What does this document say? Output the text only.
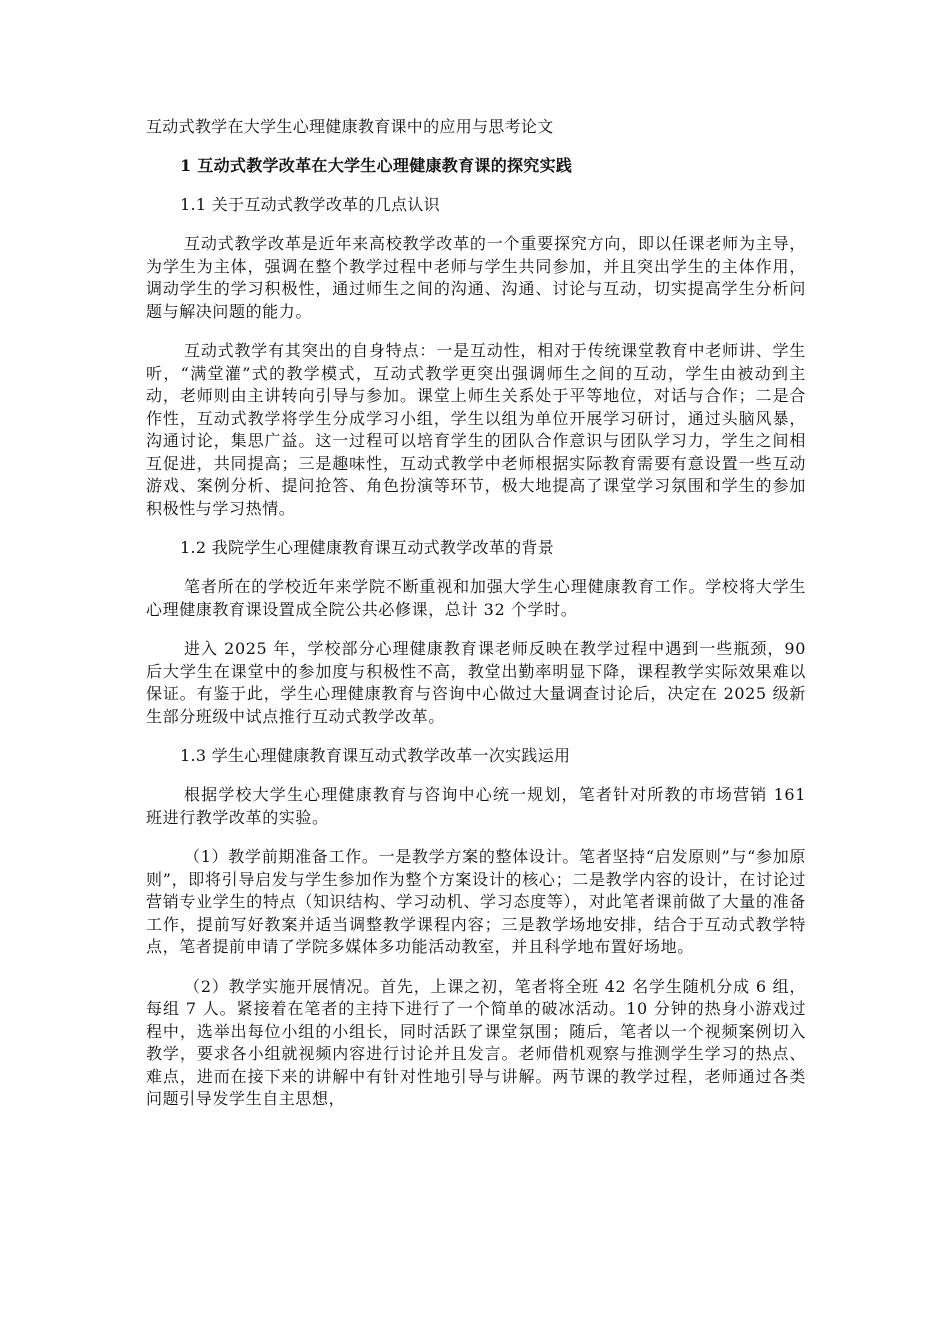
互动式教学在大学生心理健康教育课中的应用与思考论文

1 互动式教学改革在大学生心理健康教育课的探究实践

1.1 关于互动式教学改革的几点认识

互动式教学改革是近年来高校教学改革的一个重要探究方向，即以任课老师为主导，为学生为主体，强调在整个教学过程中老师与学生共同参加，并且突出学生的主体作用，调动学生的学习积极性，通过师生之间的沟通、沟通、讨论与互动，切实提高学生分析问题与解决问题的能力。

互动式教学有其突出的自身特点：一是互动性，相对于传统课堂教育中老师讲、学生听，“满堂灌”式的教学模式，互动式教学更突出强调师生之间的互动，学生由被动到主动，老师则由主讲转向引导与参加。课堂上师生关系处于平等地位，对话与合作；二是合作性，互动式教学将学生分成学习小组，学生以组为单位开展学习研讨，通过头脑风暴，沟通讨论，集思广益。这一过程可以培育学生的团队合作意识与团队学习力，学生之间相互促进，共同提高；三是趣味性，互动式教学中老师根据实际教育需要有意设置一些互动游戏、案例分析、提问抢答、角色扮演等环节，极大地提高了课堂学习氛围和学生的参加积极性与学习热情。

1.2 我院学生心理健康教育课互动式教学改革的背景

笔者所在的学校近年来学院不断重视和加强大学生心理健康教育工作。学校将大学生心理健康教育课设置成全院公共必修课，总计 32 个学时。

进入 2025 年，学校部分心理健康教育课老师反映在教学过程中遇到一些瓶颈，90 后大学生在课堂中的参加度与积极性不高，教堂出勤率明显下降，课程教学实际效果难以保证。有鉴于此，学生心理健康教育与咨询中心做过大量调查讨论后，决定在 2025 级新生部分班级中试点推行互动式教学改革。

1.3 学生心理健康教育课互动式教学改革一次实践运用

根据学校大学生心理健康教育与咨询中心统一规划，笔者针对所教的市场营销 161 班进行教学改革的实验。

（1）教学前期准备工作。一是教学方案的整体设计。笔者坚持“启发原则”与“参加原则”，即将引导启发与学生参加作为整个方案设计的核心；二是教学内容的设计，在讨论过营销专业学生的特点（知识结构、学习动机、学习态度等），对此笔者课前做了大量的准备工作，提前写好教案并适当调整教学课程内容；三是教学场地安排，结合于互动式教学特点，笔者提前申请了学院多媒体多功能活动教室，并且科学地布置好场地。

（2）教学实施开展情况。首先，上课之初，笔者将全班 42 名学生随机分成 6 组，每组 7 人。紧接着在笔者的主持下进行了一个简单的破冰活动。10 分钟的热身小游戏过程中，选举出每位小组的小组长，同时活跃了课堂氛围；随后，笔者以一个视频案例切入教学，要求各小组就视频内容进行讨论并且发言。老师借机观察与推测学生学习的热点、难点，进而在接下来的讲解中有针对性地引导与讲解。两节课的教学过程，老师通过各类问题引导发学生自主思想，
